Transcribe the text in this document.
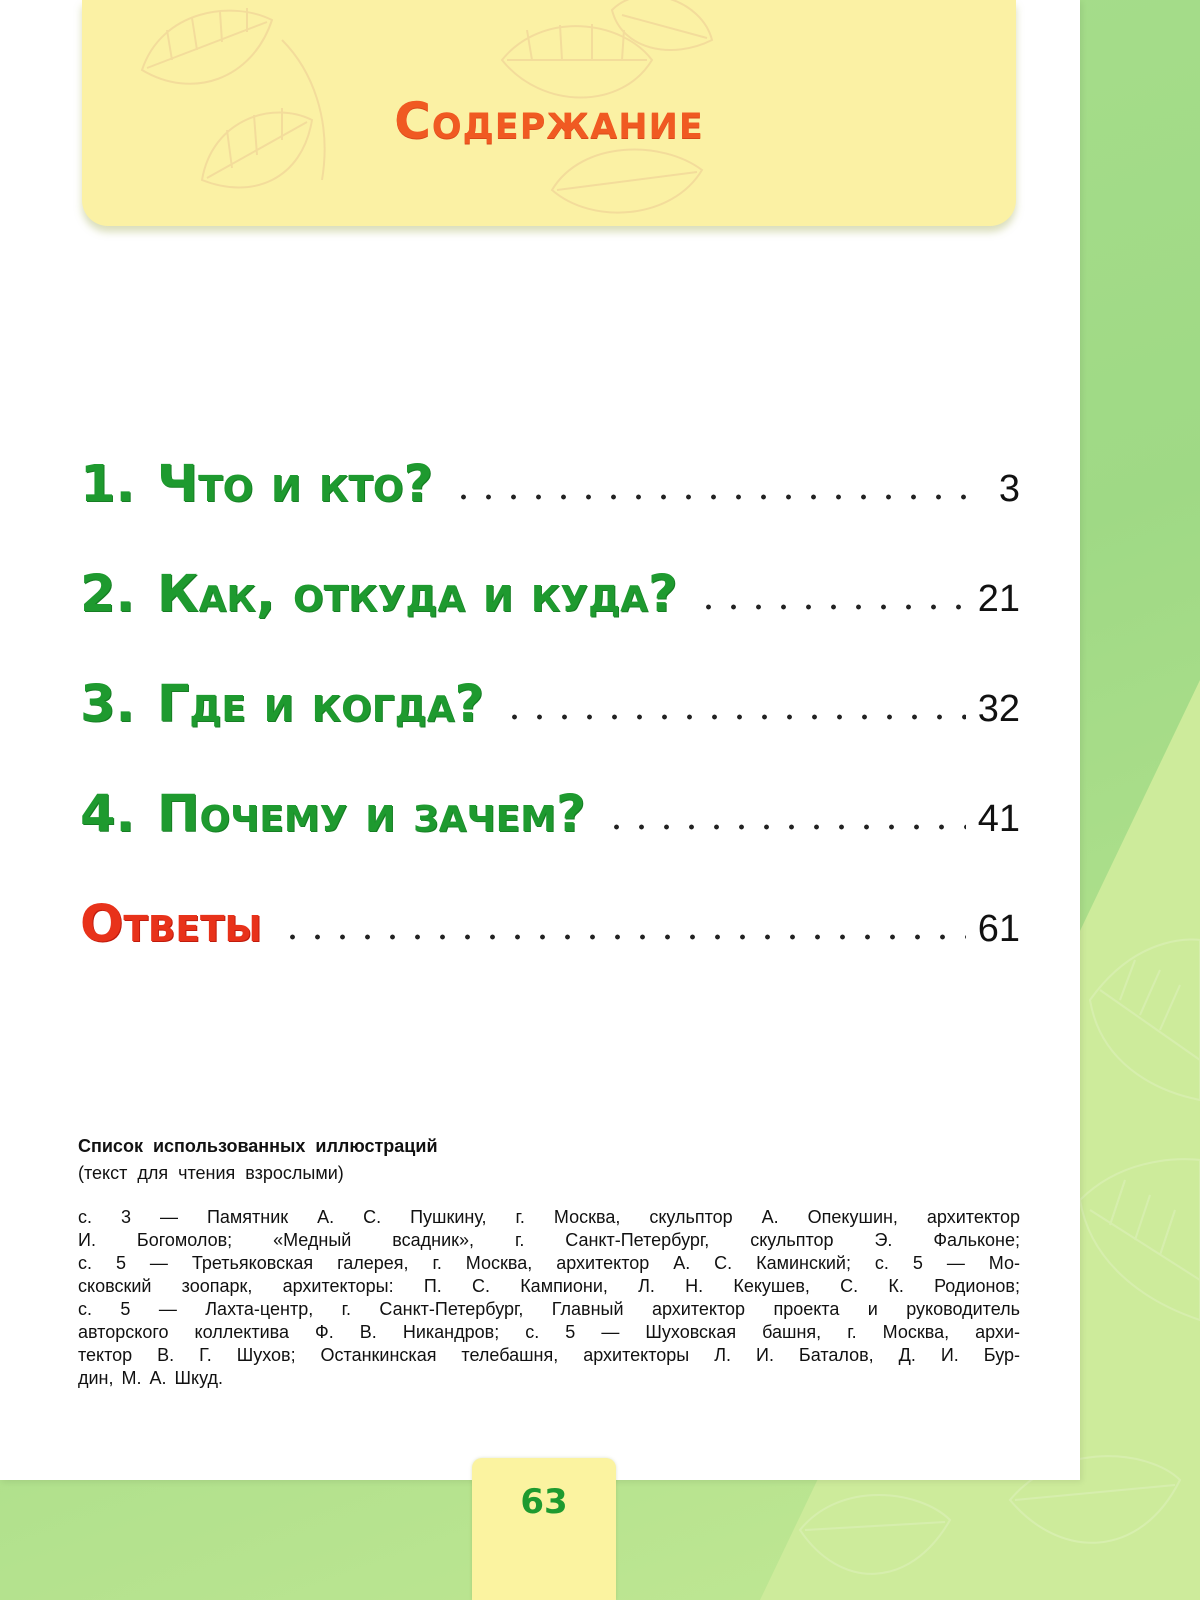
Содержание
1. Что и кто?	3
2. Как, откуда и куда?	21
3. Где и когда?	32
4. Почему и зачем?	41
Ответы	61

Список использованных иллюстраций

(текст для чтения взрослыми)

с. 3 — Памятник А. С. Пушкину, г. Москва, скульптор А. Опекушин, архитектор
И. Богомолов; «Медный всадник», г. Санкт-Петербург, скульптор Э. Фальконе;
с. 5 — Третьяковская галерея, г. Москва, архитектор А. С. Каминский; с. 5 — Мо-
сковский зоопарк, архитекторы: П. С. Кампиони, Л. Н. Кекушев, С. К. Родионов;
с. 5 — Лахта-центр, г. Санкт-Петербург, Главный архитектор проекта и руководитель
авторского коллектива Ф. В. Никандров; с. 5 — Шуховская башня, г. Москва, архи-
тектор В. Г. Шухов; Останкинская телебашня, архитекторы Л. И. Баталов, Д. И. Бур-
дин, М. А. Шкуд.

63
